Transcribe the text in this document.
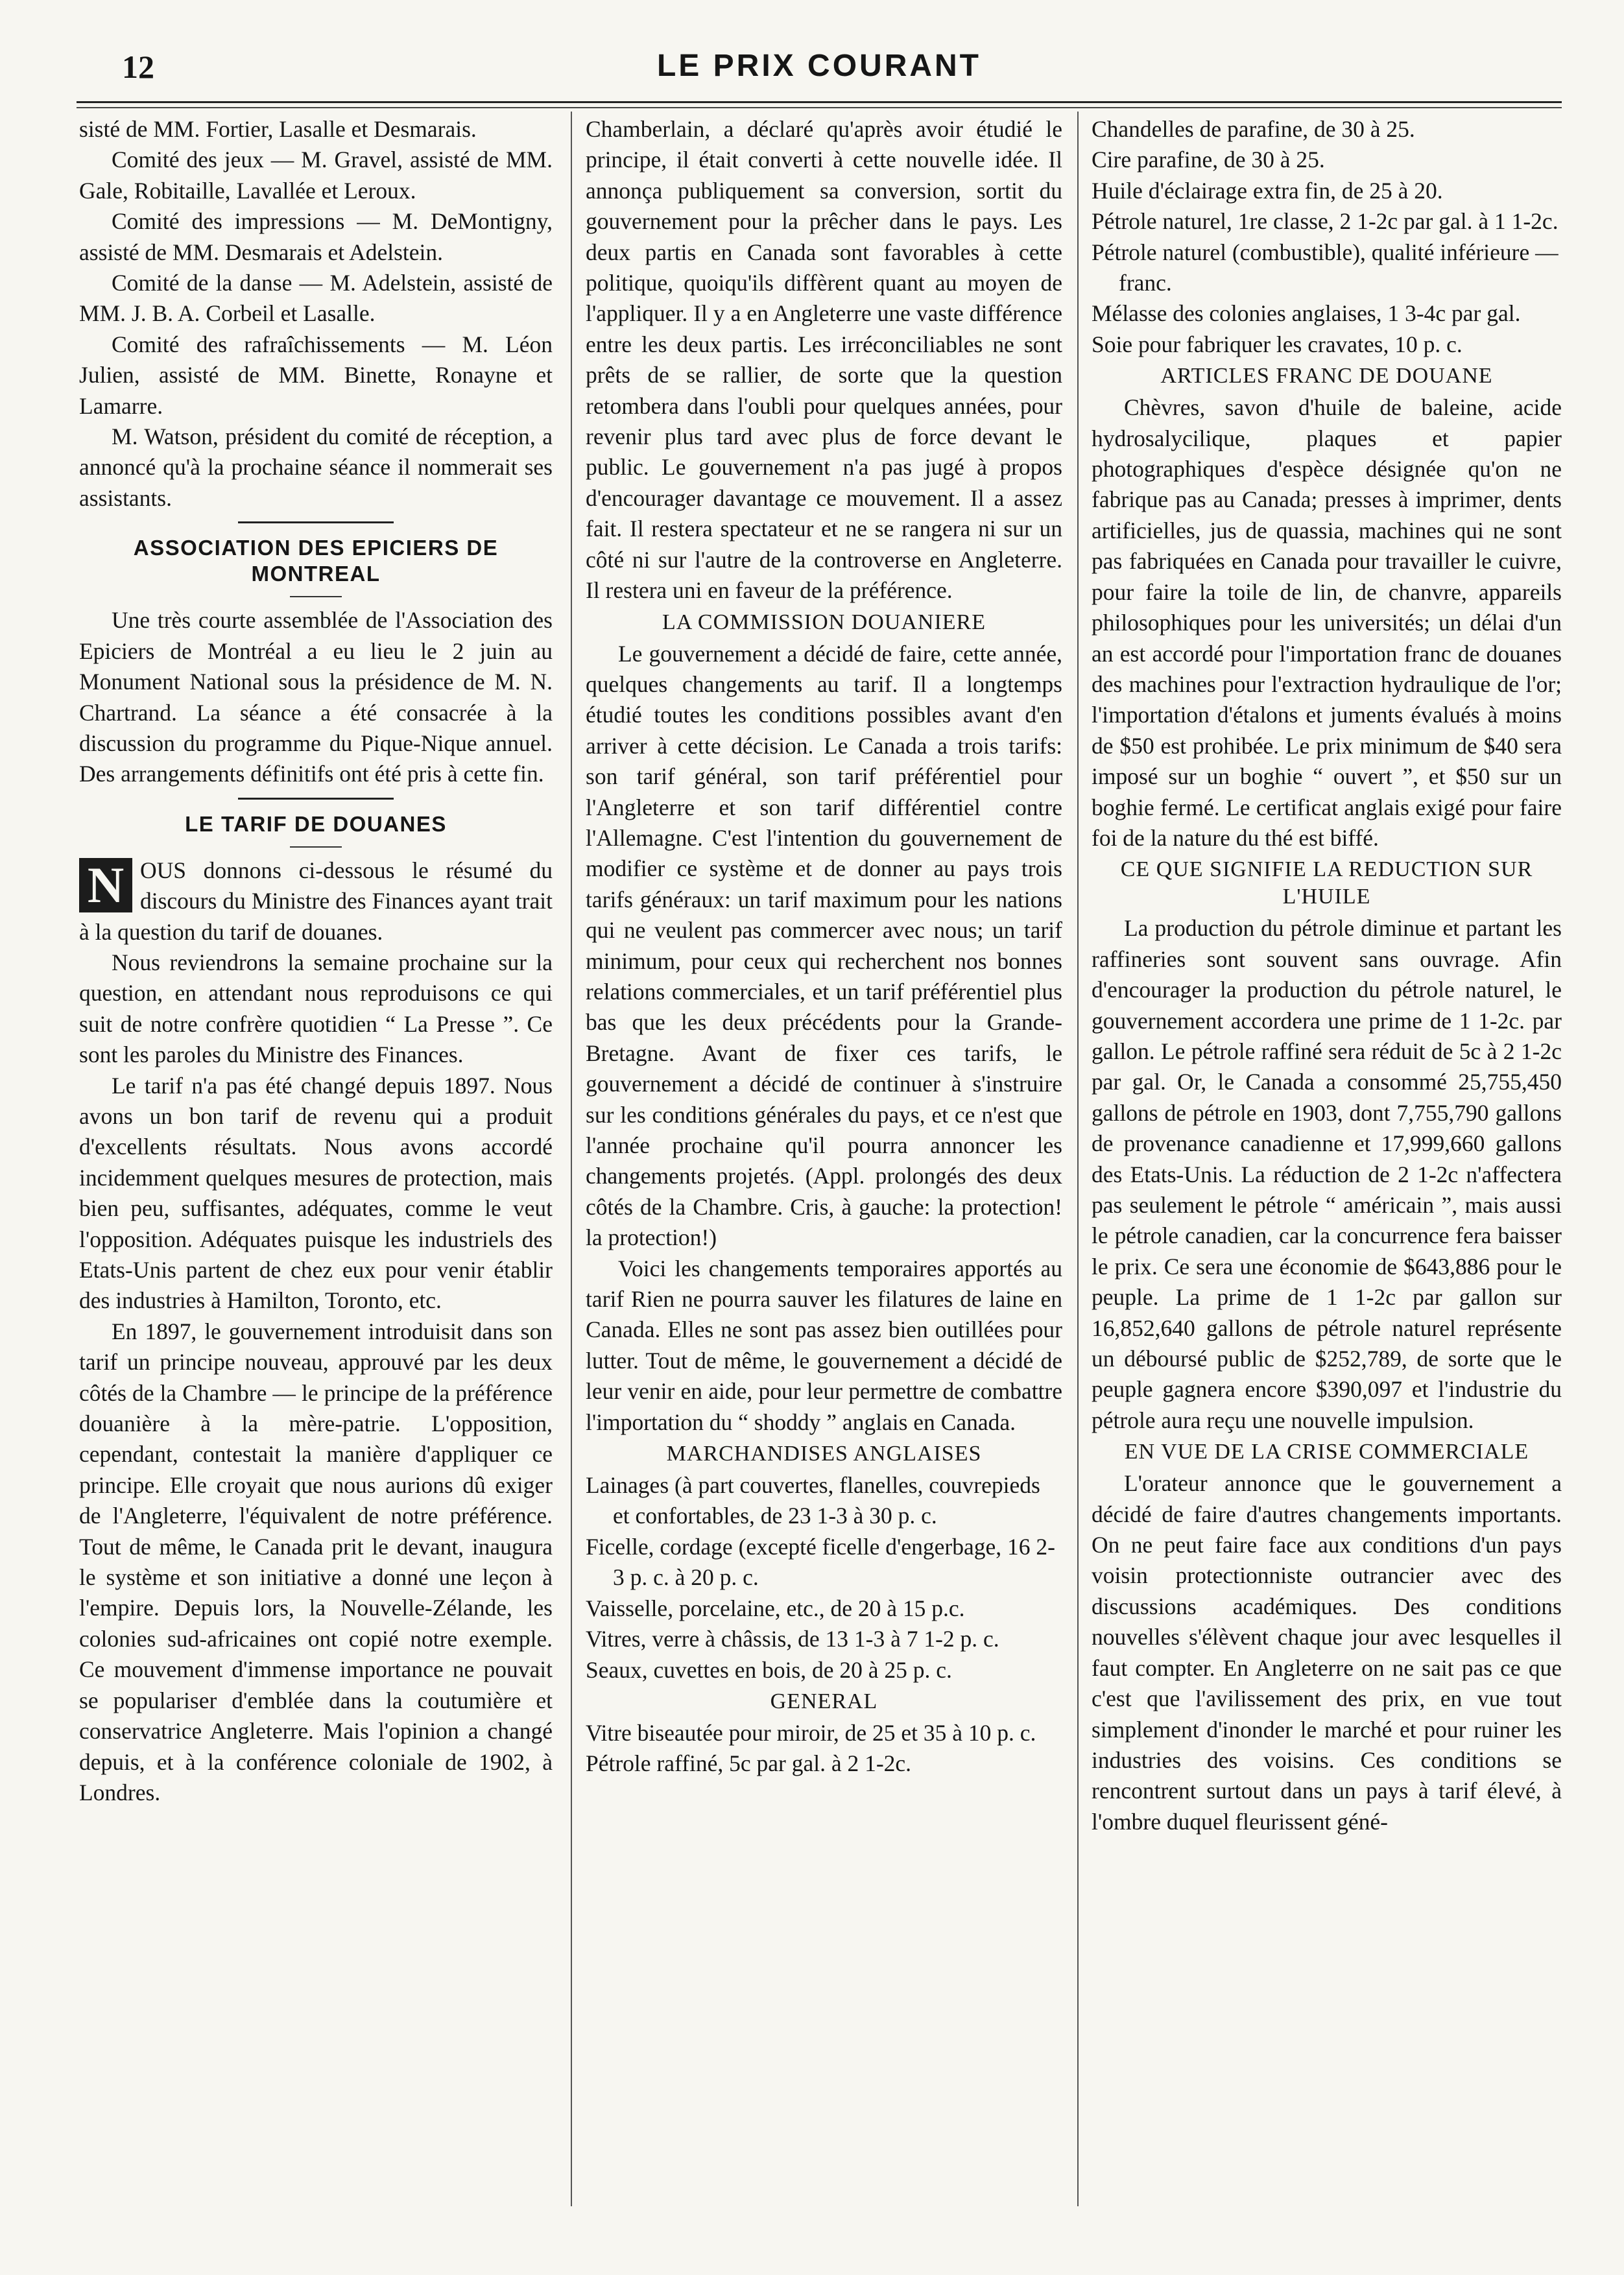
12	LE PRIX COURANT

sisté de MM. Fortier, Lasalle et Desmarais.

Comité des jeux — M. Gravel, assisté de MM. Gale, Robitaille, Lavallée et Leroux.

Comité des impressions — M. DeMontigny, assisté de MM. Desmarais et Adelstein.

Comité de la danse — M. Adelstein, assisté de MM. J. B. A. Corbeil et Lasalle.

Comité des rafraîchissements — M. Léon Julien, assisté de MM. Binette, Ronayne et Lamarre.

M. Watson, président du comité de réception, a annoncé qu'à la prochaine séance il nommerait ses assistants.

ASSOCIATION DES EPICIERS DE MONTREAL

Une très courte assemblée de l'Association des Epiciers de Montréal a eu lieu le 2 juin au Monument National sous la présidence de M. N. Chartrand. La séance a été consacrée à la discussion du programme du Pique-Nique annuel. Des arrangements définitifs ont été pris à cette fin.

LE TARIF DE DOUANES

N OUS donnons ci-dessous le résumé du discours du Ministre des Finances ayant trait à la question du tarif de douanes.

Nous reviendrons la semaine prochaine sur la question, en attendant nous reproduisons ce qui suit de notre confrère quotidien “ La Presse ”. Ce sont les paroles du Ministre des Finances.

Le tarif n'a pas été changé depuis 1897. Nous avons un bon tarif de revenu qui a produit d'excellents résultats. Nous avons accordé incidemment quelques mesures de protection, mais bien peu, suffisantes, adéquates, comme le veut l'opposition. Adéquates puisque les industriels des Etats-Unis partent de chez eux pour venir établir des industries à Hamilton, Toronto, etc.

En 1897, le gouvernement introduisit dans son tarif un principe nouveau, approuvé par les deux côtés de la Chambre — le principe de la préférence douanière à la mère-patrie. L'opposition, cependant, contestait la manière d'appliquer ce principe. Elle croyait que nous aurions dû exiger de l'Angleterre, l'équivalent de notre préférence. Tout de même, le Canada prit le devant, inaugura le système et son initiative a donné une leçon à l'empire. Depuis lors, la Nouvelle-Zélande, les colonies sud-africaines ont copié notre exemple. Ce mouvement d'immense importance ne pouvait se populariser d'emblée dans la coutumière et conservatrice Angleterre. Mais l'opinion a changé depuis, et à la conférence coloniale de 1902, à Londres.

Chamberlain, a déclaré qu'après avoir étudié le principe, il était converti à cette nouvelle idée. Il annonça publiquement sa conversion, sortit du gouvernement pour la prêcher dans le pays. Les deux partis en Canada sont favorables à cette politique, quoiqu'ils diffèrent quant au moyen de l'appliquer. Il y a en Angleterre une vaste différence entre les deux partis. Les irréconciliables ne sont prêts de se rallier, de sorte que la question retombera dans l'oubli pour quelques années, pour revenir plus tard avec plus de force devant le public. Le gouvernement n'a pas jugé à propos d'encourager davantage ce mouvement. Il a assez fait. Il restera spectateur et ne se rangera ni sur un côté ni sur l'autre de la controverse en Angleterre. Il restera uni en faveur de la préférence.

LA COMMISSION DOUANIERE

Le gouvernement a décidé de faire, cette année, quelques changements au tarif. Il a longtemps étudié toutes les conditions possibles avant d'en arriver à cette décision. Le Canada a trois tarifs: son tarif général, son tarif préférentiel pour l'Angleterre et son tarif différentiel contre l'Allemagne. C'est l'intention du gouvernement de modifier ce système et de donner au pays trois tarifs généraux: un tarif maximum pour les nations qui ne veulent pas commercer avec nous; un tarif minimum, pour ceux qui recherchent nos bonnes relations commerciales, et un tarif préférentiel plus bas que les deux précédents pour la Grande-Bretagne. Avant de fixer ces tarifs, le gouvernement a décidé de continuer à s'instruire sur les conditions générales du pays, et ce n'est que l'année prochaine qu'il pourra annoncer les changements projetés. (Appl. prolongés des deux côtés de la Chambre. Cris, à gauche: la protection! la protection!)

Voici les changements temporaires apportés au tarif Rien ne pourra sauver les filatures de laine en Canada. Elles ne sont pas assez bien outillées pour lutter. Tout de même, le gouvernement a décidé de leur venir en aide, pour leur permettre de combattre l'importation du “ shoddy ” anglais en Canada.

MARCHANDISES ANGLAISES

Lainages (à part couvertes, flanelles, couvrepieds et confortables, de 23 1-3 à 30 p. c.

Ficelle, cordage (excepté ficelle d'engerbage, 16 2-3 p. c. à 20 p. c.

Vaisselle, porcelaine, etc., de 20 à 15 p.c.

Vitres, verre à châssis, de 13 1-3 à 7 1-2 p. c.

Seaux, cuvettes en bois, de 20 à 25 p. c.

GENERAL

Vitre biseautée pour miroir, de 25 et 35 à 10 p. c.

Pétrole raffiné, 5c par gal. à 2 1-2c.

Chandelles de parafine, de 30 à 25.

Cire parafine, de 30 à 25.

Huile d'éclairage extra fin, de 25 à 20.

Pétrole naturel, 1re classe, 2 1-2c par gal. à 1 1-2c.

Pétrole naturel (combustible), qualité inférieure — franc.

Mélasse des colonies anglaises, 1 3-4c par gal.

Soie pour fabriquer les cravates, 10 p. c.

ARTICLES FRANC DE DOUANE

Chèvres, savon d'huile de baleine, acide hydrosalycilique, plaques et papier photographiques d'espèce désignée qu'on ne fabrique pas au Canada; presses à imprimer, dents artificielles, jus de quassia, machines qui ne sont pas fabriquées en Canada pour travailler le cuivre, pour faire la toile de lin, de chanvre, appareils philosophiques pour les universités; un délai d'un an est accordé pour l'importation franc de douanes des machines pour l'extraction hydraulique de l'or; l'importation d'étalons et juments évalués à moins de $50 est prohibée. Le prix minimum de $40 sera imposé sur un boghie “ ouvert ”, et $50 sur un boghie fermé. Le certificat anglais exigé pour faire foi de la nature du thé est biffé.

CE QUE SIGNIFIE LA REDUCTION SUR L'HUILE

La production du pétrole diminue et partant les raffineries sont souvent sans ouvrage. Afin d'encourager la production du pétrole naturel, le gouvernement accordera une prime de 1 1-2c. par gallon. Le pétrole raffiné sera réduit de 5c à 2 1-2c par gal. Or, le Canada a consommé 25,755,450 gallons de pétrole en 1903, dont 7,755,790 gallons de provenance canadienne et 17,999,660 gallons des Etats-Unis. La réduction de 2 1-2c n'affectera pas seulement le pétrole “ américain ”, mais aussi le pétrole canadien, car la concurrence fera baisser le prix. Ce sera une économie de $643,886 pour le peuple. La prime de 1 1-2c par gallon sur 16,852,640 gallons de pétrole naturel représente un déboursé public de $252,789, de sorte que le peuple gagnera encore $390,097 et l'industrie du pétrole aura reçu une nouvelle impulsion.

EN VUE DE LA CRISE COMMERCIALE

L'orateur annonce que le gouvernement a décidé de faire d'autres changements importants. On ne peut faire face aux conditions d'un pays voisin protectionniste outrancier avec des discussions académiques. Des conditions nouvelles s'élèvent chaque jour avec lesquelles il faut compter. En Angleterre on ne sait pas ce que c'est que l'avilissement des prix, en vue tout simplement d'inonder le marché et pour ruiner les industries des voisins. Ces conditions se rencontrent surtout dans un pays à tarif élevé, à l'ombre duquel fleurissent géné-
